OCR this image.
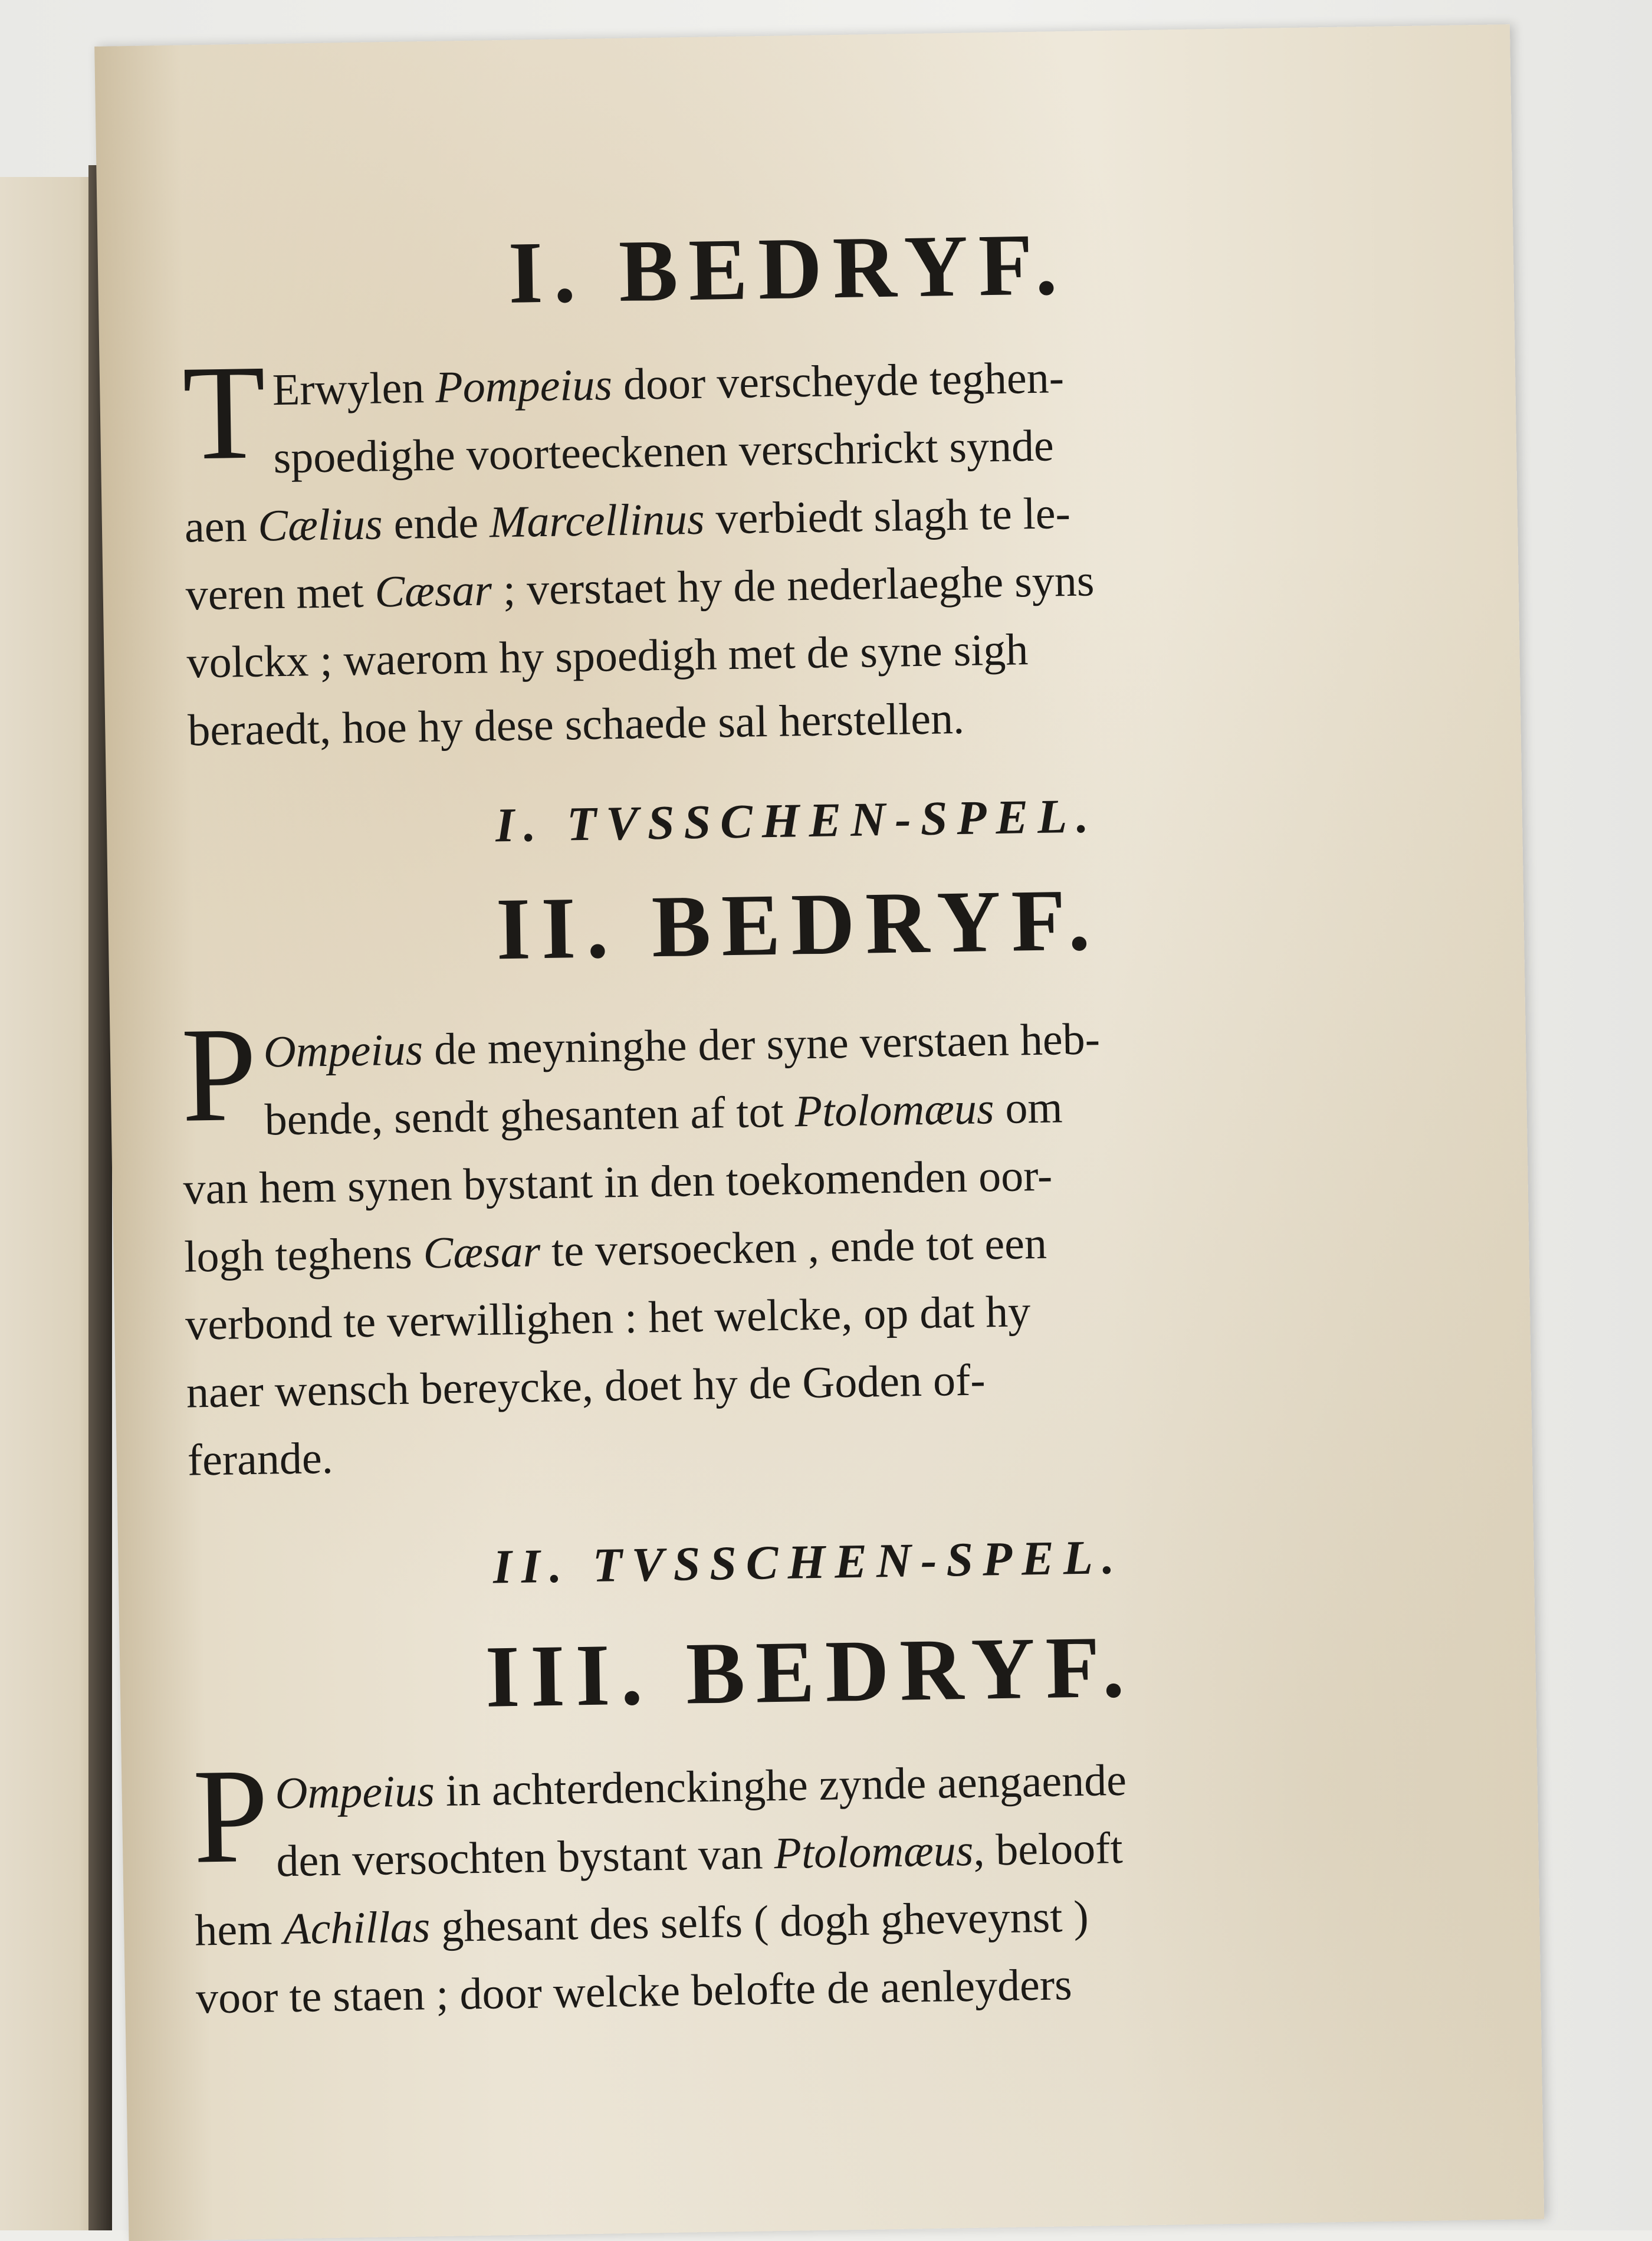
I. BEDRYF.
T Erwylen Pompeius door verscheyde teghen-
spoedighe voorteeckenen verschrickt synde
aen Cælius ende Marcellinus verbiedt slagh te le-
veren met Cæsar ; verstaet hy de nederlaeghe syns
volckx ; waerom hy spoedigh met de syne sigh
beraedt, hoe hy dese schaede sal herstellen.
I. TVSSCHEN-SPEL.
II. BEDRYF.
P Ompeius de meyninghe der syne verstaen heb-
bende, sendt ghesanten af tot Ptolomæus om
van hem synen bystant in den toekomenden oor-
logh teghens Cæsar te versoecken , ende tot een
verbond te verwillighen : het welcke, op dat hy
naer wensch bereycke, doet hy de Goden of-
ferande.
II. TVSSCHEN-SPEL.
III. BEDRYF.
P Ompeius in achterdenckinghe zynde aengaende
den versochten bystant van Ptolomæus, belooft
hem Achillas ghesant des selfs ( dogh gheveynst )
voor te staen ; door welcke belofte de aenleyders
